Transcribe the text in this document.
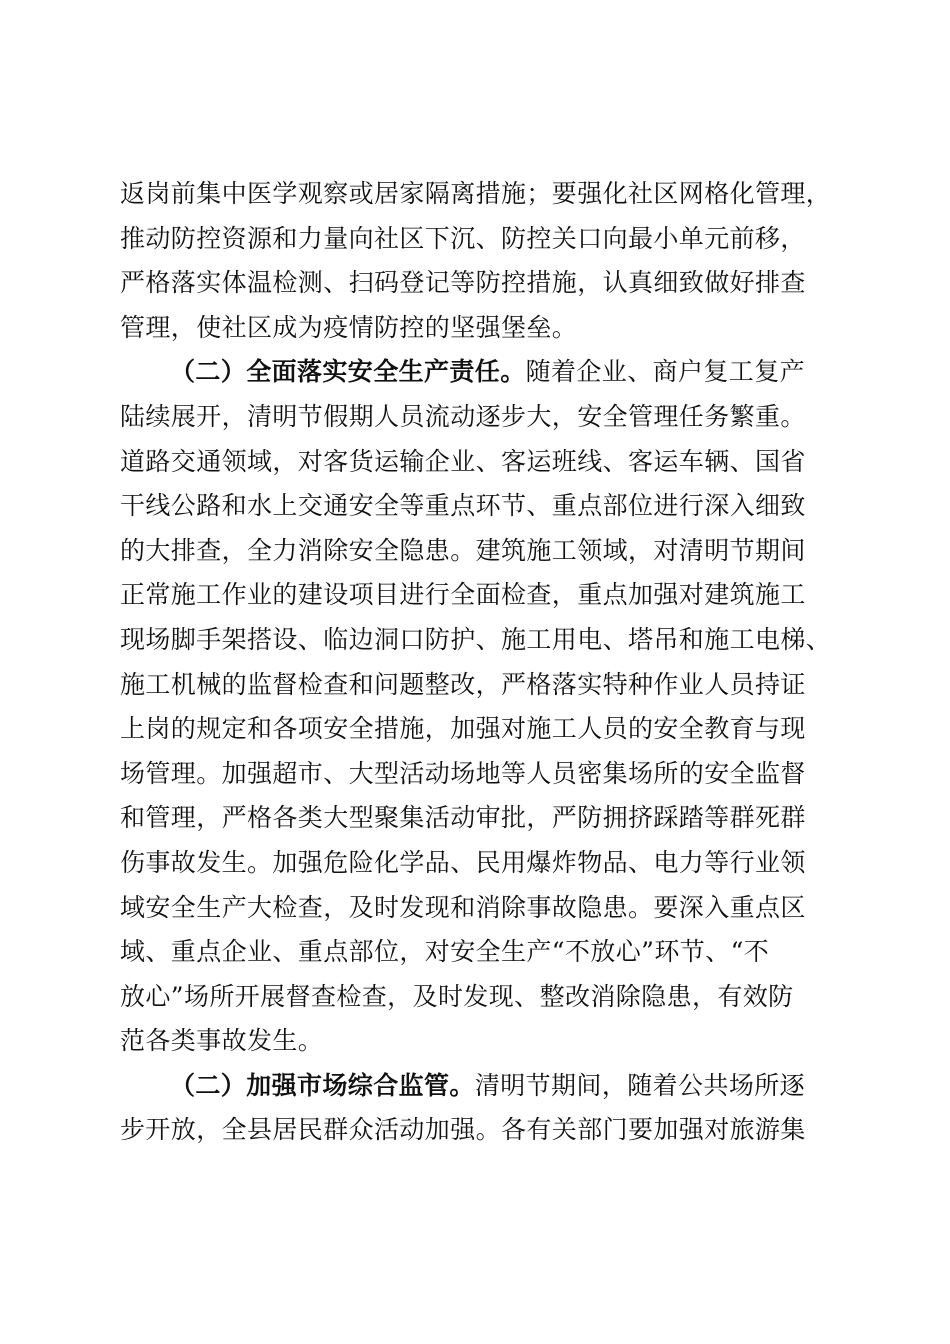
返岗前集中医学观察或居家隔离措施；要强化社区网格化管理，
推动防控资源和力量向社区下沉、防控关口向最小单元前移，
严格落实体温检测、扫码登记等防控措施，认真细致做好排查
管理，使社区成为疫情防控的坚强堡垒。
（二）全面落实安全生产责任。随着企业、商户复工复产
陆续展开，清明节假期人员流动逐步大，安全管理任务繁重。
道路交通领域，对客货运输企业、客运班线、客运车辆、国省
干线公路和水上交通安全等重点环节、重点部位进行深入细致
的大排查，全力消除安全隐患。建筑施工领域，对清明节期间
正常施工作业的建设项目进行全面检查，重点加强对建筑施工
现场脚手架搭设、临边洞口防护、施工用电、塔吊和施工电梯、
施工机械的监督检查和问题整改，严格落实特种作业人员持证
上岗的规定和各项安全措施，加强对施工人员的安全教育与现
场管理。加强超市、大型活动场地等人员密集场所的安全监督
和管理，严格各类大型聚集活动审批，严防拥挤踩踏等群死群
伤事故发生。加强危险化学品、民用爆炸物品、电力等行业领
域安全生产大检查，及时发现和消除事故隐患。要深入重点区
域、重点企业、重点部位，对安全生产“不放心”环节、“不
放心”场所开展督查检查，及时发现、整改消除隐患，有效防
范各类事故发生。
（二）加强市场综合监管。清明节期间，随着公共场所逐
步开放，全县居民群众活动加强。各有关部门要加强对旅游集
